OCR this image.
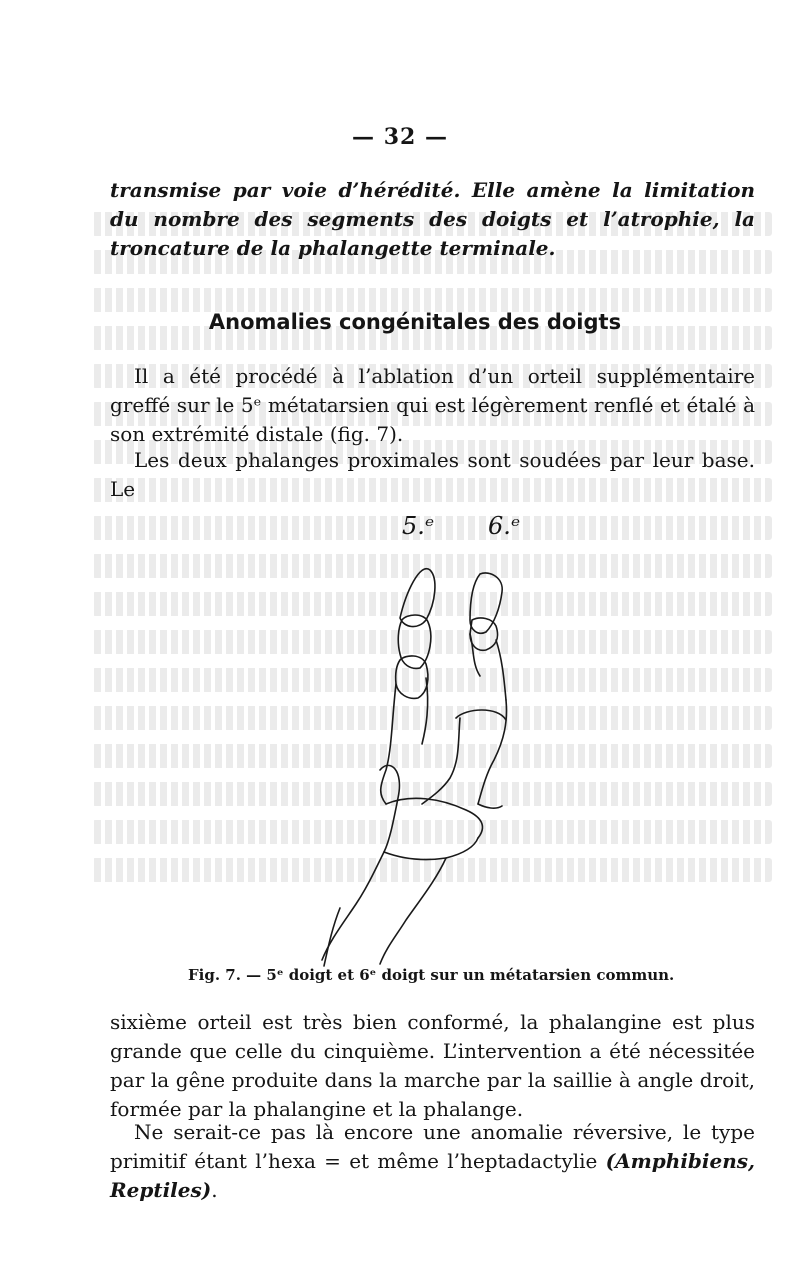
— 32 —
transmise par voie d’hérédité. Elle amène la limitation du nombre des segments des doigts et l’atrophie, la troncature de la phalangette terminale.
Anomalies congénitales des doigts
Il a été procédé à l’ablation d’un orteil supplémentaire greffé sur le 5ᵉ métatarsien qui est légèrement renflé et étalé à son extrémité distale (fig. 7).
Les deux phalanges proximales sont soudées par leur base. Le
5.ᵉ 6.ᵉ
Fig. 7. — 5ᵉ doigt et 6ᵉ doigt sur un métatarsien commun.
sixième orteil est très bien conformé, la phalangine est plus grande que celle du cinquième. L’intervention a été nécessitée par la gêne produite dans la marche par la saillie à angle droit, formée par la phalangine et la phalange.
Ne serait-ce pas là encore une anomalie réversive, le type primitif étant l’hexa = et même l’heptadactylie (Amphibiens, Reptiles).
